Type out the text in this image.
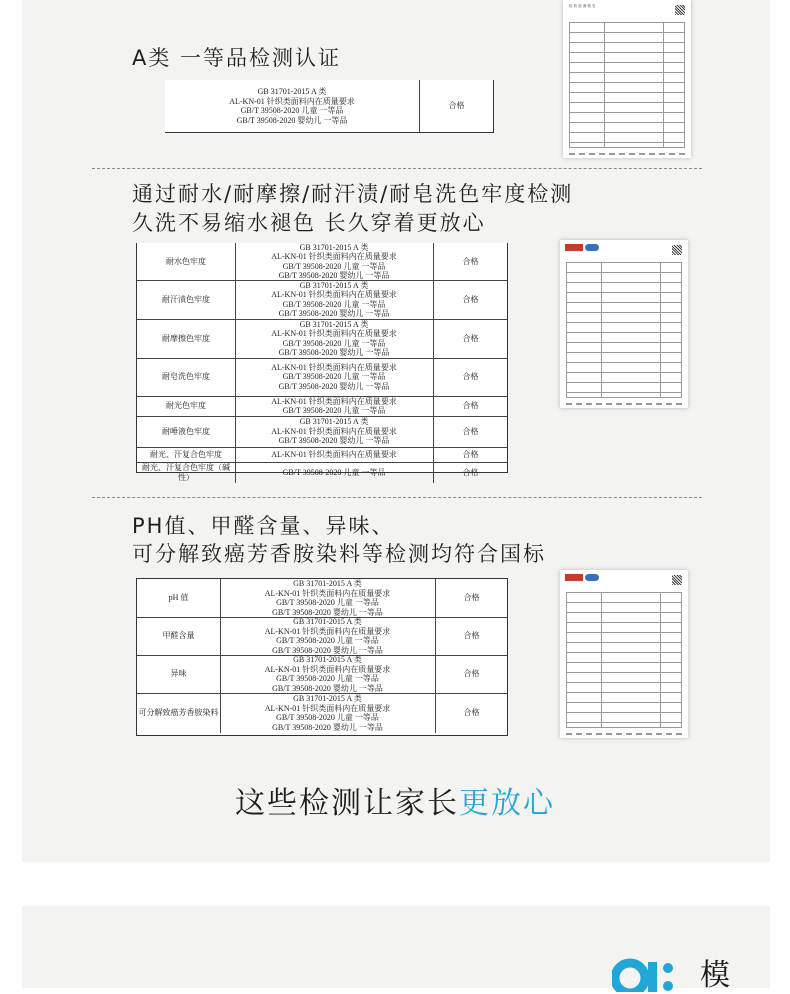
A类 一等品检测认证
GB 31701-2015 A 类
AL-KN-01 针织类面料内在质量要求
GB/T 39508-2020 儿童 一等品
GB/T 39508-2020 婴幼儿 一等品
合格
检 验 检 测 报 告
通过耐水/耐摩擦/耐汗渍/耐皂洗色牢度检测
久洗不易缩水褪色 长久穿着更放心
耐水色牢度
GB 31701-2015 A 类
AL-KN-01 针织类面料内在质量要求
GB/T 39508-2020 儿童 一等品
GB/T 39508-2020 婴幼儿 一等品
合格
耐汗渍色牢度
GB 31701-2015 A 类
AL-KN-01 针织类面料内在质量要求
GB/T 39508-2020 儿童 一等品
GB/T 39508-2020 婴幼儿 一等品
合格
耐摩擦色牢度
GB 31701-2015 A 类
AL-KN-01 针织类面料内在质量要求
GB/T 39508-2020 儿童 一等品
GB/T 39508-2020 婴幼儿 一等品
合格
耐皂洗色牢度
AL-KN-01 针织类面料内在质量要求
GB/T 39508-2020 儿童 一等品
GB/T 39508-2020 婴幼儿 一等品
合格
耐光色牢度
AL-KN-01 针织类面料内在质量要求
GB/T 39508-2020 儿童 一等品
合格
耐唾液色牢度
GB 31701-2015 A 类
AL-KN-01 针织类面料内在质量要求
GB/T 39508-2020 婴幼儿 一等品
合格
耐光、汗复合色牢度	AL-KN-01 针织类面料内在质量要求	合格
耐光、汗复合色牢度（碱性）
GB/T 39508-2020 儿童 一等品	合格
PH值、甲醛含量、异味、
可分解致癌芳香胺染料等检测均符合国标
pH 值
GB 31701-2015 A 类
AL-KN-01 针织类面料内在质量要求
GB/T 39508-2020 儿童 一等品
GB/T 39508-2020 婴幼儿 一等品
合格
甲醛含量
GB 31701-2015 A 类
AL-KN-01 针织类面料内在质量要求
GB/T 39508-2020 儿童 一等品
GB/T 39508-2020 婴幼儿 一等品
合格
异味
GB 31701-2015 A 类
AL-KN-01 针织类面料内在质量要求
GB/T 39508-2020 儿童 一等品
GB/T 39508-2020 婴幼儿 一等品
合格
可分解致癌芳香胺染料
GB 31701-2015 A 类
AL-KN-01 针织类面料内在质量要求
GB/T 39508-2020 儿童 一等品
GB/T 39508-2020 婴幼儿 一等品
合格
这些检测让家长更放心
模
